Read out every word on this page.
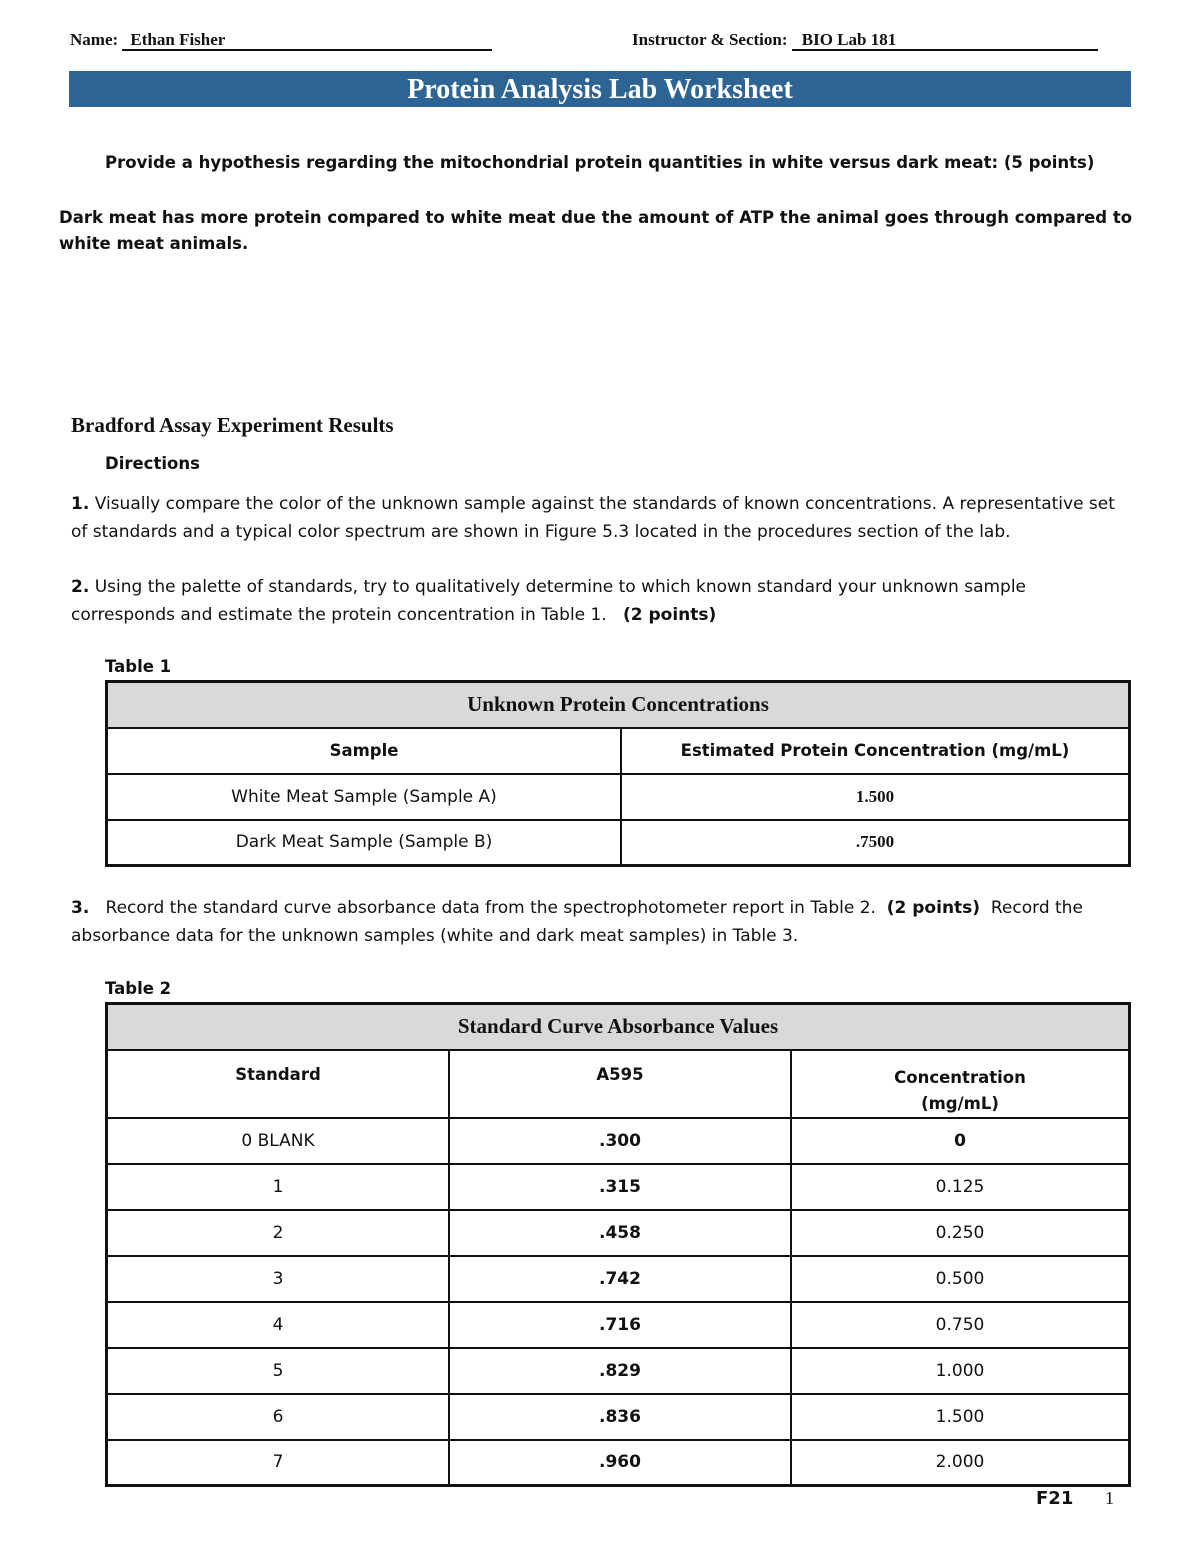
Name: Ethan Fisher	Instructor & Section: BIO Lab 181
Protein Analysis Lab Worksheet
Provide a hypothesis regarding the mitochondrial protein quantities in white versus dark meat: (5 points)
Dark meat has more protein compared to white meat due the amount of ATP the animal goes through compared to white meat animals.
Bradford Assay Experiment Results
Directions
1. Visually compare the color of the unknown sample against the standards of known concentrations. A representative set of standards and a typical color spectrum are shown in Figure 5.3 located in the procedures section of the lab.
2. Using the palette of standards, try to qualitatively determine to which known standard your unknown sample corresponds and estimate the protein concentration in Table 1. (2 points)
Table 1
Unknown Protein Concentrations	
Sample	Estimated Protein Concentration (mg/mL)
White Meat Sample (Sample A)	1.500
Dark Meat Sample (Sample B)	.7500
3. Record the standard curve absorbance data from the spectrophotometer report in Table 2. (2 points) Record the absorbance data for the unknown samples (white and dark meat samples) in Table 3.
Table 2
Standard Curve Absorbance Values		
Standard	A595	Concentration
(mg/mL)
0 BLANK	.300	0
1	.315	0.125
2	.458	0.250
3	.742	0.500
4	.716	0.750
5	.829	1.000
6	.836	1.500
7	.960	2.000
F21 1
